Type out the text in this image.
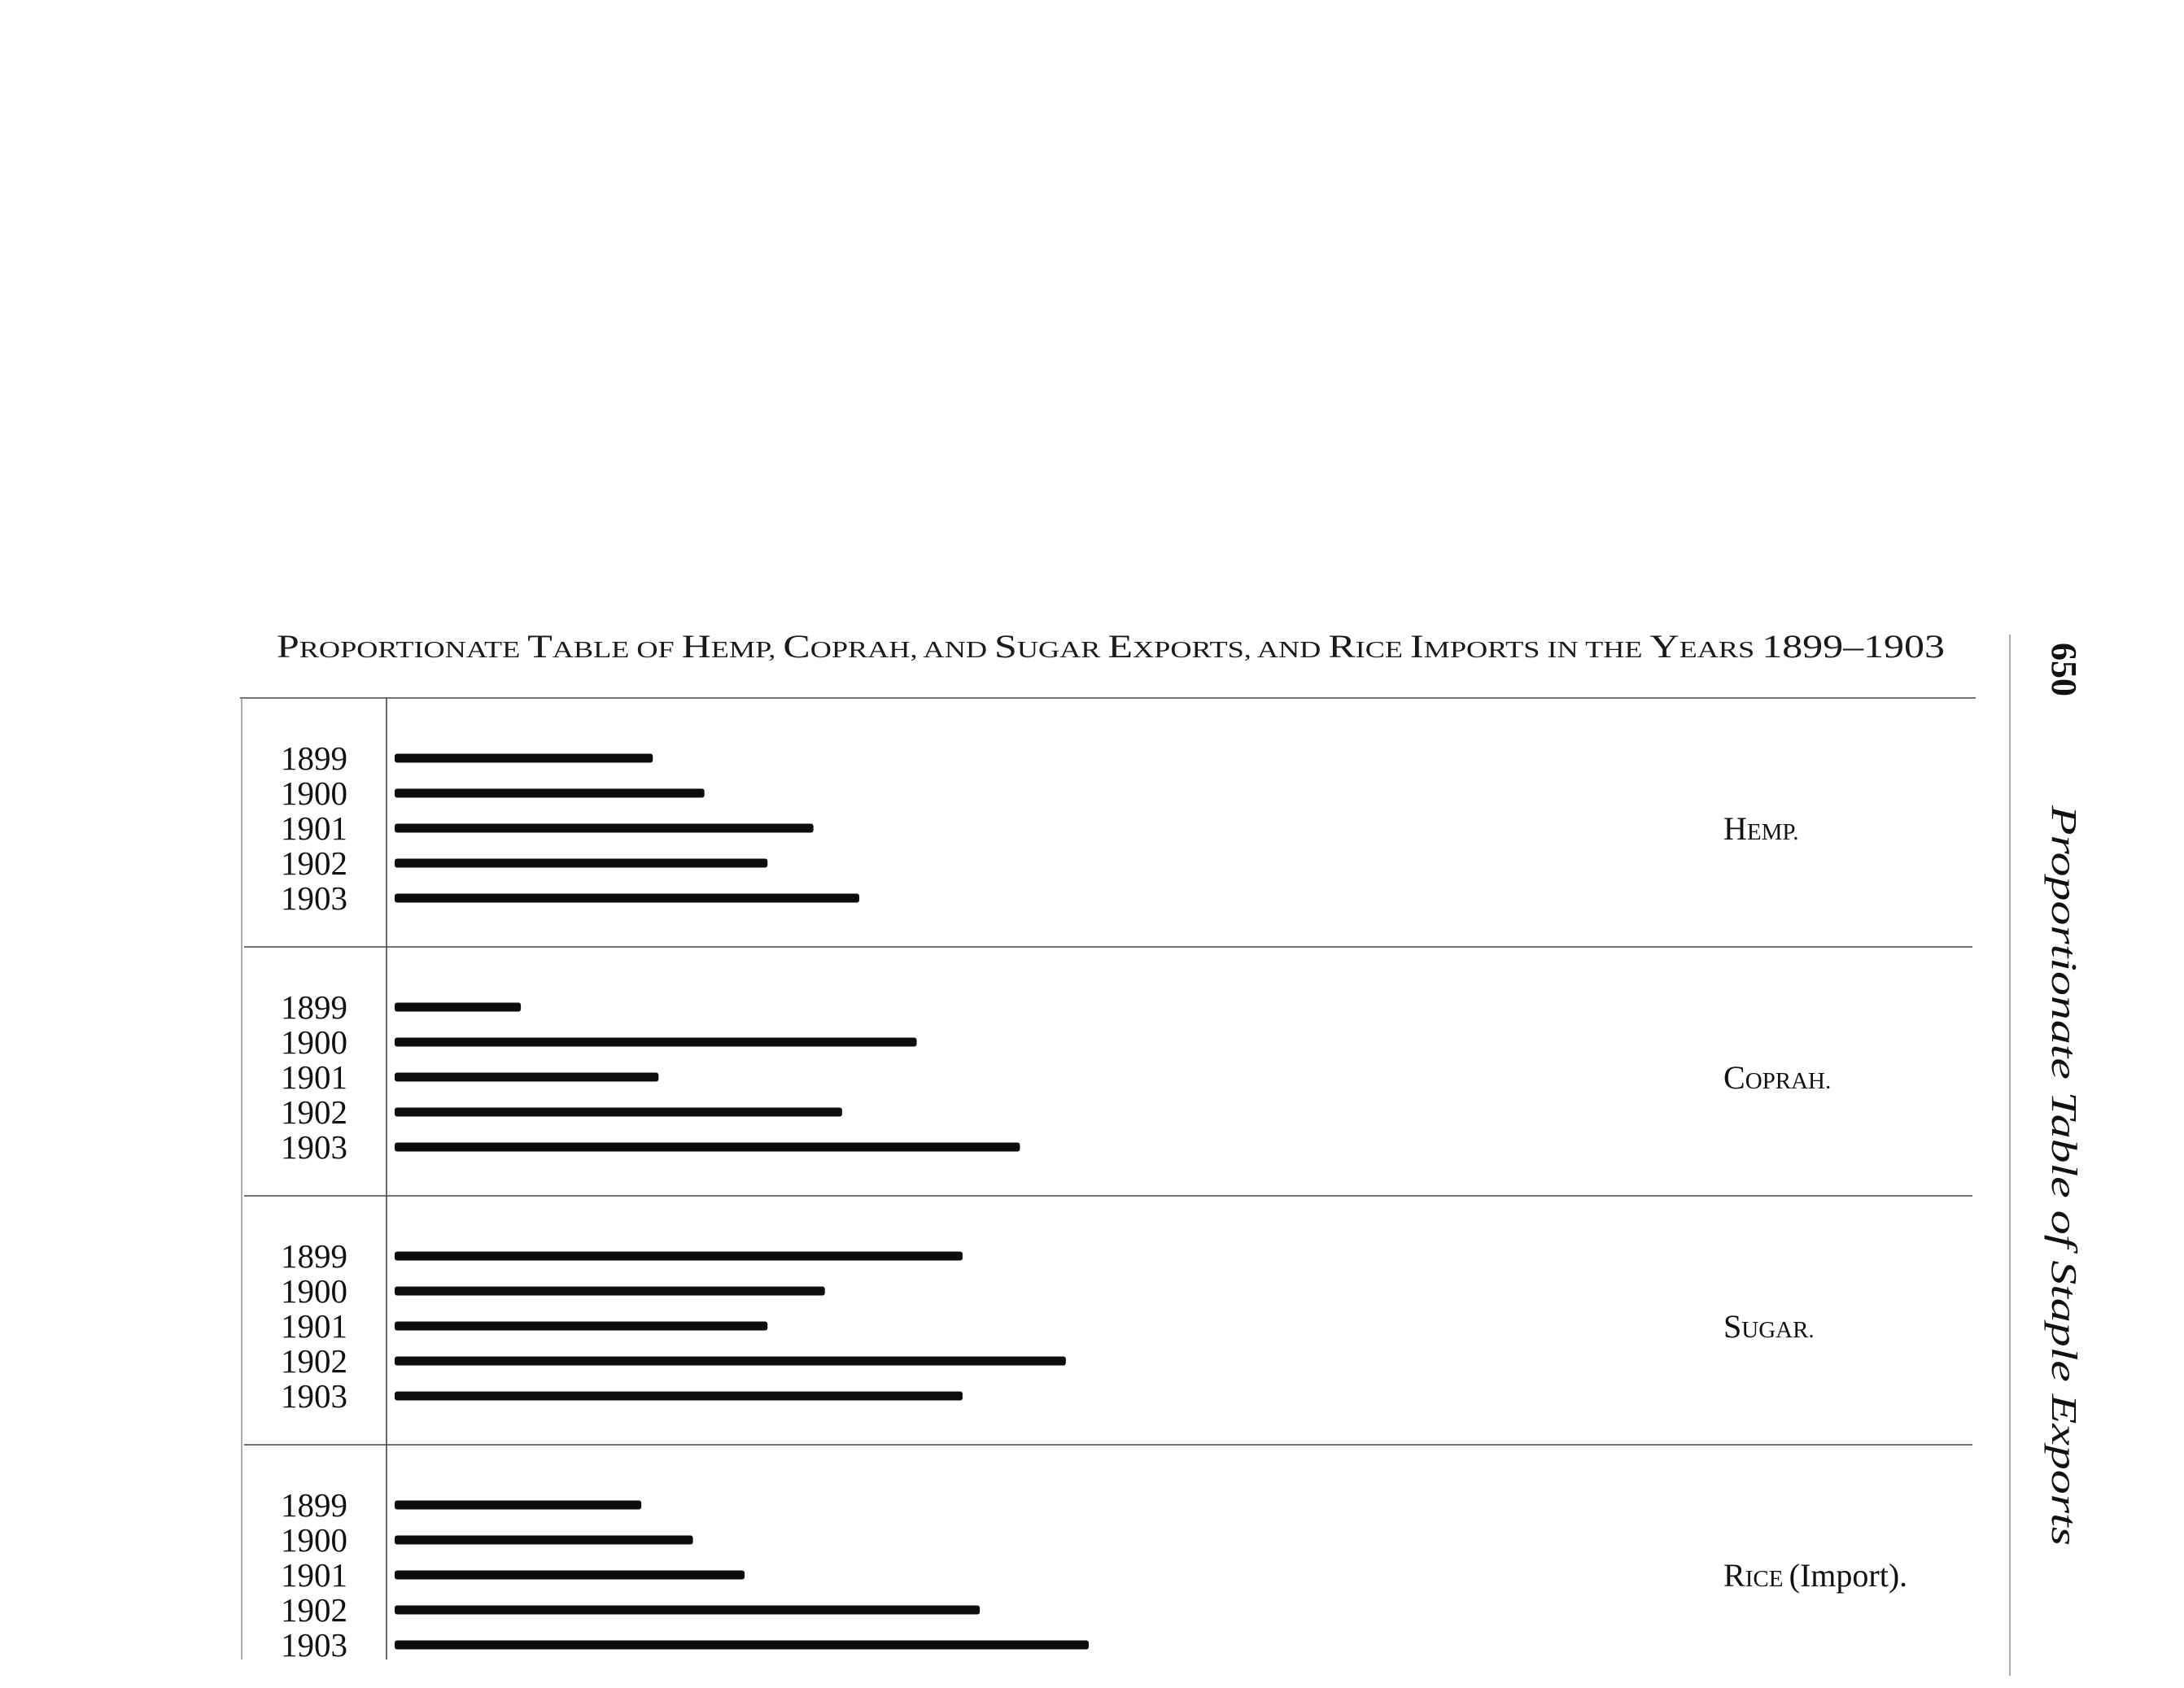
P ROPORTIONATE T ABLE OF H EMP, C OPRAH, AND S UGAR E XPORTS, AND R ICE I MPORTS IN THE Y EARS 1899–1903
1899
1900
1901
1902
1903
HEMP.
1899
1900
1901
1902
1903
COPRAH.
1899
1900
1901
1902
1903
SUGAR.
1899
1900
1901
1902
1903
RICE (Import).
650
Proportionate Table of Staple Exports
